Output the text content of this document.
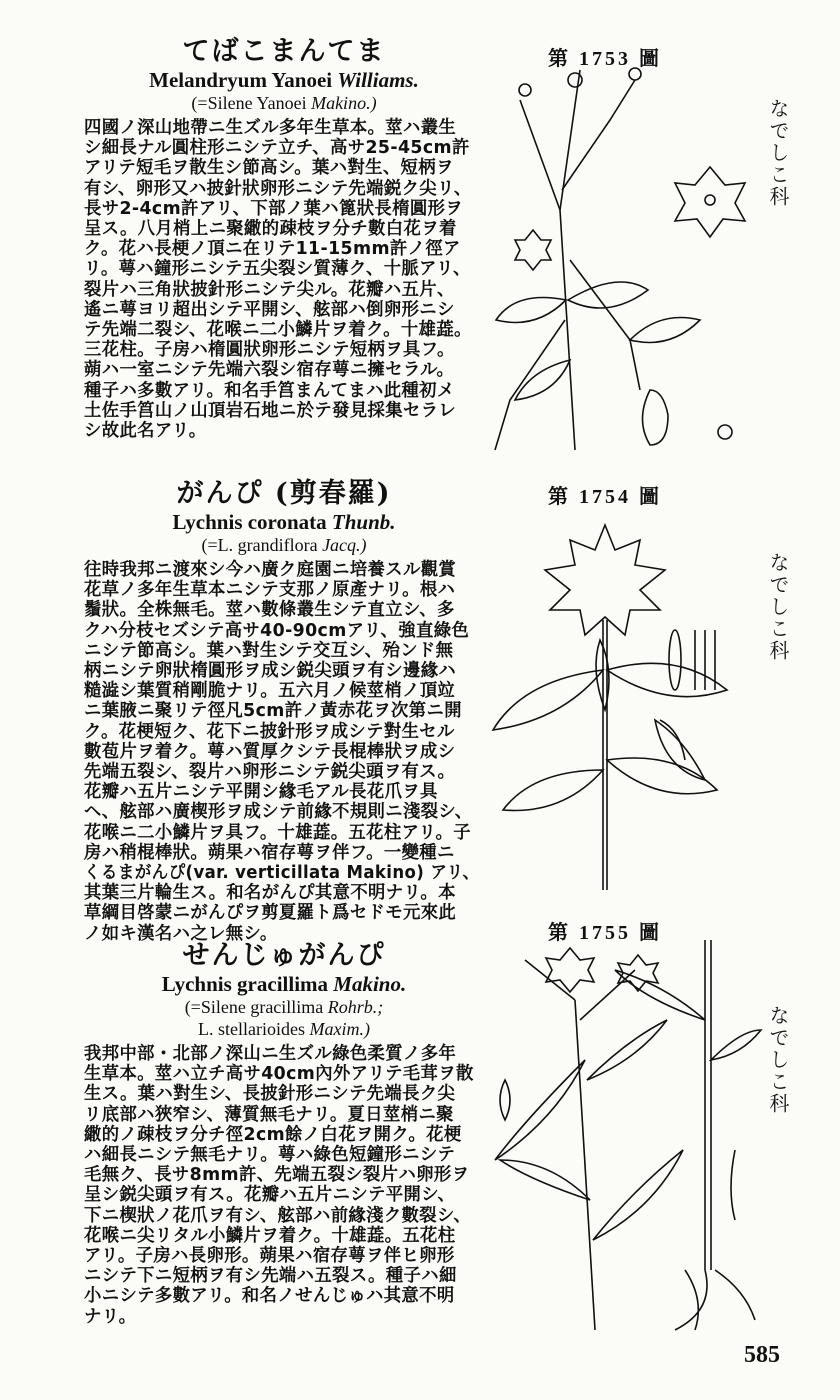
てばこまんてま
Melandryum Yanoei Williams.
(=Silene Yanoei Makino.)
四國ノ深山地帶ニ生ズル多年生草本。莖ハ叢生
シ細長ナル圓柱形ニシテ立チ、高サ25-45cm許
アリテ短毛ヲ散生シ節高シ。葉ハ對生、短柄ヲ
有シ、卵形又ハ披針狀卵形ニシテ先端鋭ク尖リ、
長サ2-4cm許アリ、下部ノ葉ハ篦狀長楕圓形ヲ
呈ス。八月梢上ニ聚繖的疎枝ヲ分チ數白花ヲ着
ク。花ハ長梗ノ頂ニ在リテ11-15mm許ノ徑ア
リ。萼ハ鐘形ニシテ五尖裂シ質薄ク、十脈アリ、
裂片ハ三角狀披針形ニシテ尖ル。花瓣ハ五片、
遙ニ萼ヨリ超出シテ平開シ、舷部ハ倒卵形ニシ
テ先端二裂シ、花喉ニ二小鱗片ヲ着ク。十雄蕋。
三花柱。子房ハ楕圓狀卵形ニシテ短柄ヲ具フ。
蒴ハ一室ニシテ先端六裂シ宿存萼ニ擁セラル。
種子ハ多數アリ。和名手筥まんてまハ此種初メ
土佐手筥山ノ山頂岩石地ニ於テ發見採集セラレ
シ故此名アリ。
がんぴ (剪春羅)
Lychnis coronata Thunb.
(=L. grandiflora Jacq.)
往時我邦ニ渡來シ今ハ廣ク庭園ニ培養スル觀賞
花草ノ多年生草本ニシテ支那ノ原產ナリ。根ハ
鬚狀。全株無毛。莖ハ數條叢生シテ直立シ、多
クハ分枝セズシテ高サ40-90cmアリ、強直綠色
ニシテ節高シ。葉ハ對生シテ交互シ、殆ンド無
柄ニシテ卵狀楕圓形ヲ成シ鋭尖頭ヲ有シ邊緣ハ
糙澁シ葉質稍剛脆ナリ。五六月ノ候莖梢ノ頂竝
ニ葉腋ニ聚リテ徑凡5cm許ノ黃赤花ヲ次第ニ開
ク。花梗短ク、花下ニ披針形ヲ成シテ對生セル
數苞片ヲ着ク。萼ハ質厚クシテ長棍棒狀ヲ成シ
先端五裂シ、裂片ハ卵形ニシテ鋭尖頭ヲ有ス。
花瓣ハ五片ニシテ平開シ緣毛アル長花爪ヲ具
ヘ、舷部ハ廣楔形ヲ成シテ前緣不規則ニ淺裂シ、
花喉ニ二小鱗片ヲ具フ。十雄蕋。五花柱アリ。子
房ハ稍棍棒狀。蒴果ハ宿存萼ヲ伴フ。一變種ニ
くるまがんぴ(var. verticillata Makino) アリ、
其葉三片輪生ス。和名がんぴ其意不明ナリ。本
草綱目啓蒙ニがんぴヲ剪夏羅ト爲セドモ元來此
ノ如キ漢名ハ之レ無シ。
せんじゅがんぴ
Lychnis gracillima Makino.
(=Silene gracillima Rohrb.;
L. stellarioides Maxim.)
我邦中部・北部ノ深山ニ生ズル綠色柔質ノ多年
生草本。莖ハ立チ高サ40cm內外アリテ毛茸ヲ散
生ス。葉ハ對生シ、長披針形ニシテ先端長ク尖
リ底部ハ狹窄シ、薄質無毛ナリ。夏日莖梢ニ聚
繖的ノ疎枝ヲ分チ徑2cm餘ノ白花ヲ開ク。花梗
ハ細長ニシテ無毛ナリ。萼ハ綠色短鐘形ニシテ
毛無ク、長サ8mm許、先端五裂シ裂片ハ卵形ヲ
呈シ鋭尖頭ヲ有ス。花瓣ハ五片ニシテ平開シ、
下ニ楔狀ノ花爪ヲ有シ、舷部ハ前緣淺ク數裂シ、
花喉ニ尖リタル小鱗片ヲ着ク。十雄蕋。五花柱
アリ。子房ハ長卵形。蒴果ハ宿存萼ヲ伴ヒ卵形
ニシテ下ニ短柄ヲ有シ先端ハ五裂ス。種子ハ細
小ニシテ多數アリ。和名ノせんじゅハ其意不明
ナリ。
第 1753 圖
なでしこ科
第 1754 圖
なでしこ科
第 1755 圖
なでしこ科
585
